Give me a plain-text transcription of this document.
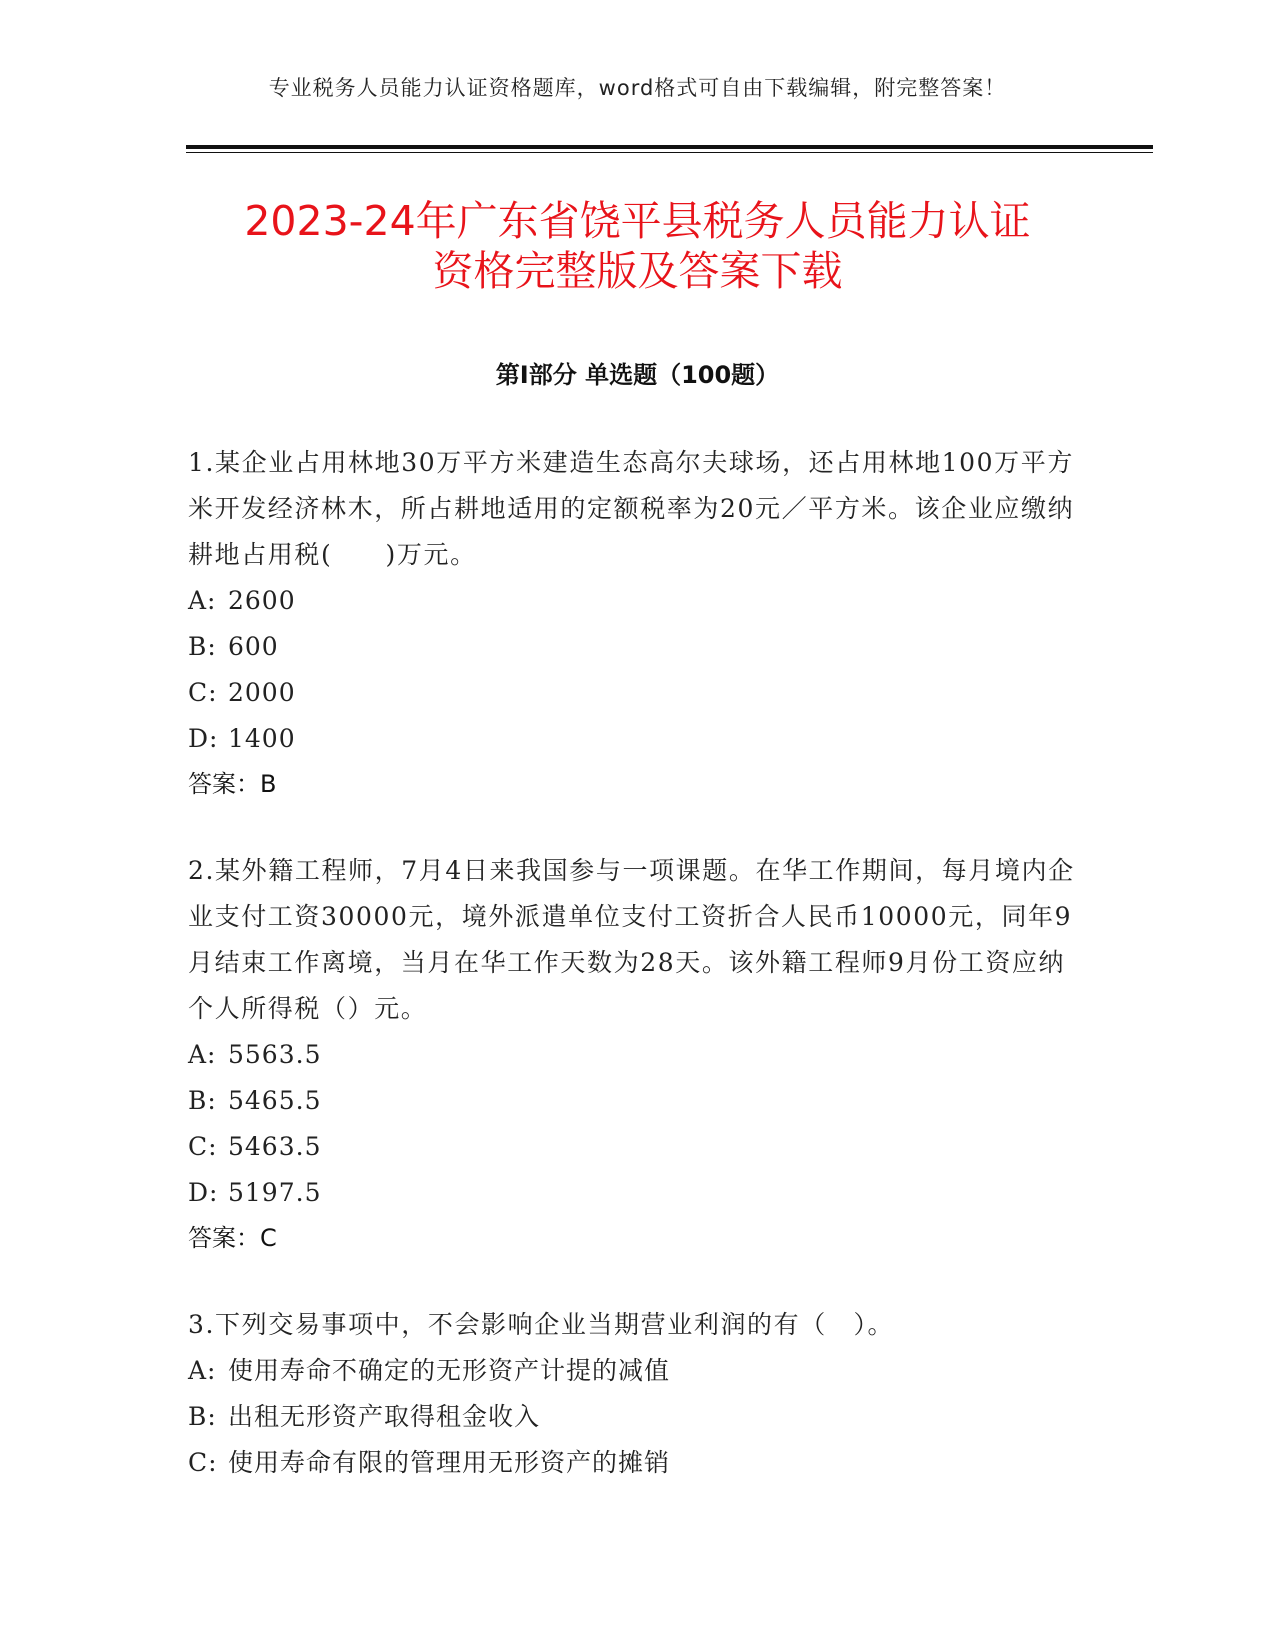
专业税务人员能力认证资格题库，word格式可自由下载编辑，附完整答案！
2023-24年广东省饶平县税务人员能力认证
资格完整版及答案下载
第Ⅰ部分 单选题（100题）
1.某企业占用林地30万平方米建造生态高尔夫球场，还占用林地100万平方米开发经济林木，所占耕地适用的定额税率为20元／平方米。该企业应缴纳耕地占用税(　　)万元。
A: 2600
B: 600
C: 2000
D: 1400
答案：B
2.某外籍工程师，7月4日来我国参与一项课题。在华工作期间，每月境内企业支付工资30000元，境外派遣单位支付工资折合人民币10000元，同年9月结束工作离境，当月在华工作天数为28天。该外籍工程师9月份工资应纳个人所得税（）元。
A: 5563.5
B: 5465.5
C: 5463.5
D: 5197.5
答案：C
3.下列交易事项中，不会影响企业当期营业利润的有（　）。
A: 使用寿命不确定的无形资产计提的减值
B: 出租无形资产取得租金收入
C: 使用寿命有限的管理用无形资产的摊销
